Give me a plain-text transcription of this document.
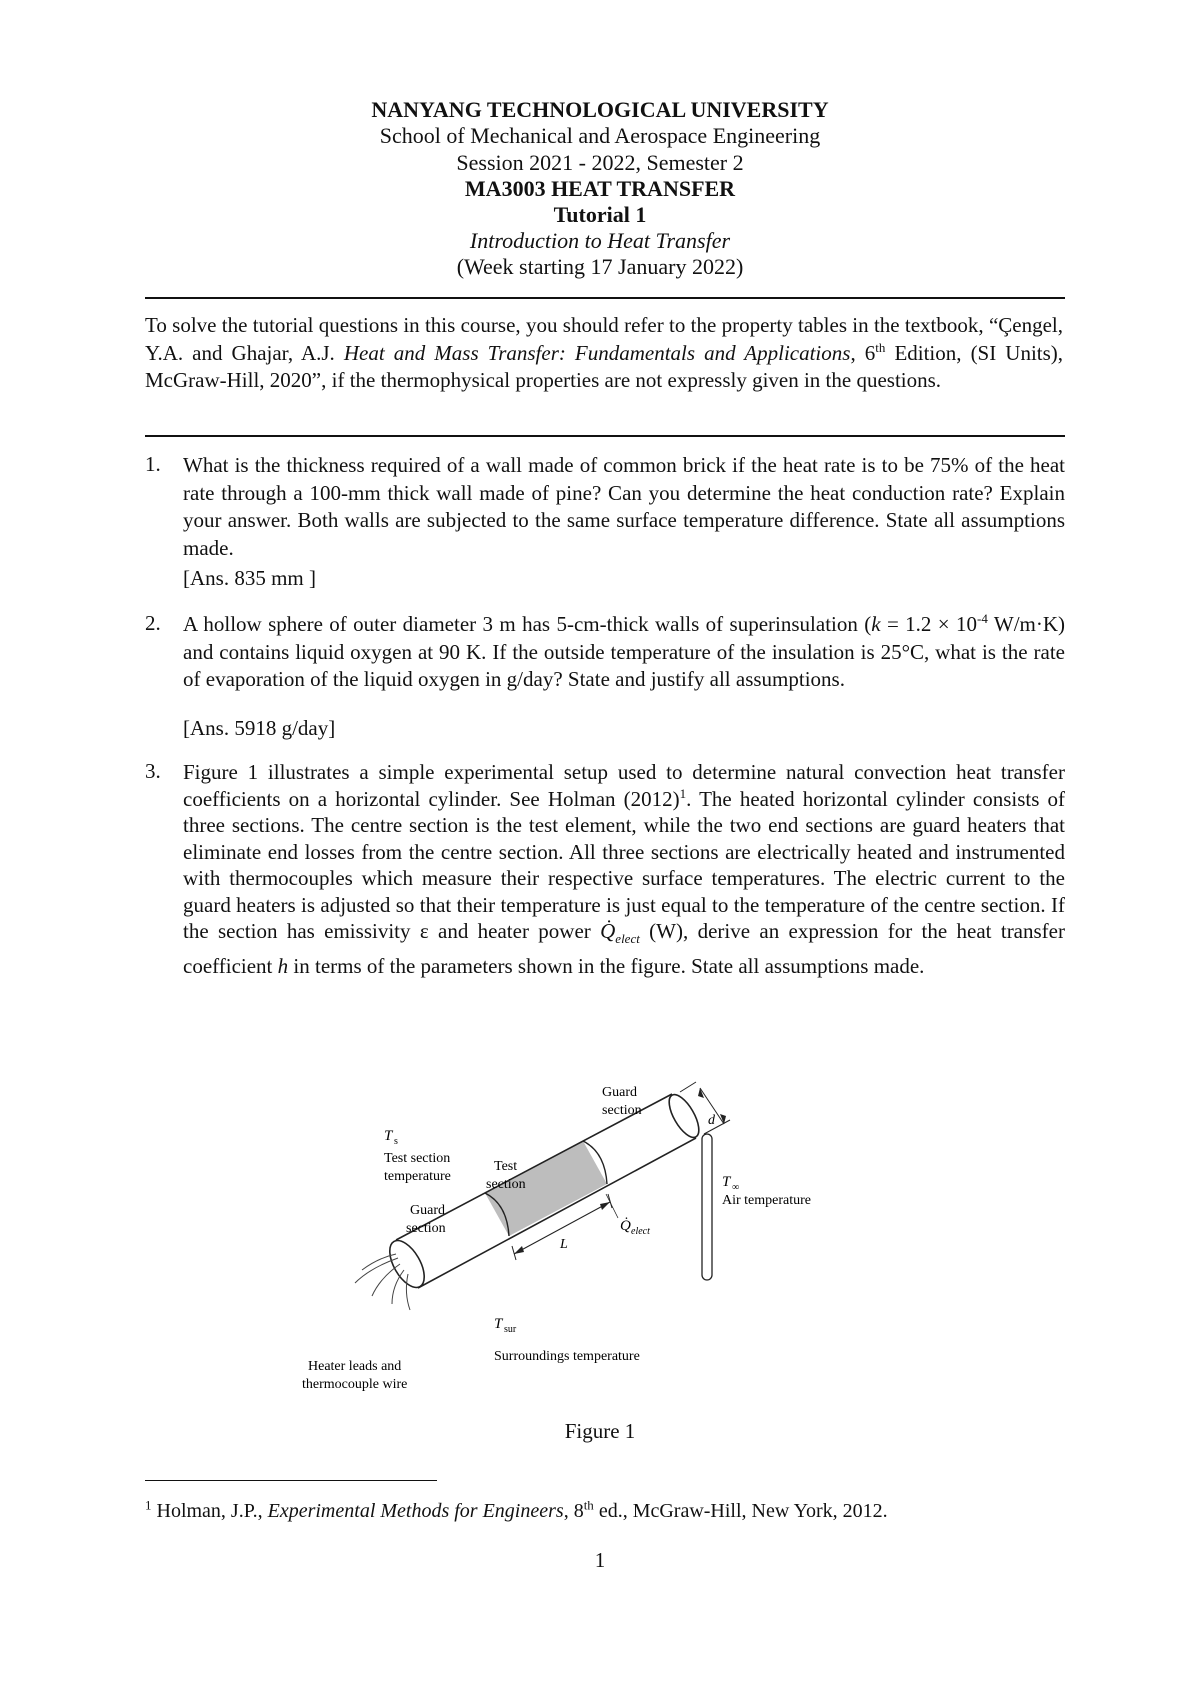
NANYANG TECHNOLOGICAL UNIVERSITY
School of Mechanical and Aerospace Engineering
Session 2021 - 2022, Semester 2
MA3003 HEAT TRANSFER
Tutorial 1
Introduction to Heat Transfer
(Week starting 17 January 2022)
To solve the tutorial questions in this course, you should refer to the property tables in the textbook, “Çengel, Y.A. and Ghajar, A.J. Heat and Mass Transfer: Fundamentals and Applications, 6th Edition, (SI Units), McGraw-Hill, 2020”, if the thermophysical properties are not expressly given in the questions.
1. What is the thickness required of a wall made of common brick if the heat rate is to be 75% of the heat rate through a 100-mm thick wall made of pine? Can you determine the heat conduction rate? Explain your answer. Both walls are subjected to the same surface temperature difference. State all assumptions made.
[Ans. 835 mm ]
2. A hollow sphere of outer diameter 3 m has 5-cm-thick walls of superinsulation ($k = 1.2 \times 10^{-4}$ W/m·K) and contains liquid oxygen at 90 K. If the outside temperature of the insulation is 25°C, what is the rate of evaporation of the liquid oxygen in g/day? State and justify all assumptions.
[Ans. 5918 g/day]
3. Figure 1 illustrates a simple experimental setup used to determine natural convection heat transfer coefficients on a horizontal cylinder. See Holman $(2012)^1$. The heated horizontal cylinder consists of three sections. The centre section is the test element, while the two end sections are guard heaters that eliminate end losses from the centre section. All three sections are electrically heated and instrumented with thermocouples which measure their respective surface temperatures. The electric current to the guard heaters is adjusted so that their temperature is just equal to the temperature of the centre section. If the section has emissivity ε and heater power $Q̇_{elect}$ (W), derive an expression for the heat transfer coefficient h in terms of the parameters shown in the figure. State all assumptions made.
Guard
section
d
T s
Test section
temperature
Test
section
Guard
section	Q̇ elect
L
T ∞
Air temperature
T sur
Surroundings temperature
Heater leads and
thermocouple wire
Figure 1
$^1$ Holman, J.P., Experimental Methods for Engineers, 8th ed., McGraw-Hill, New York, 2012.
1
